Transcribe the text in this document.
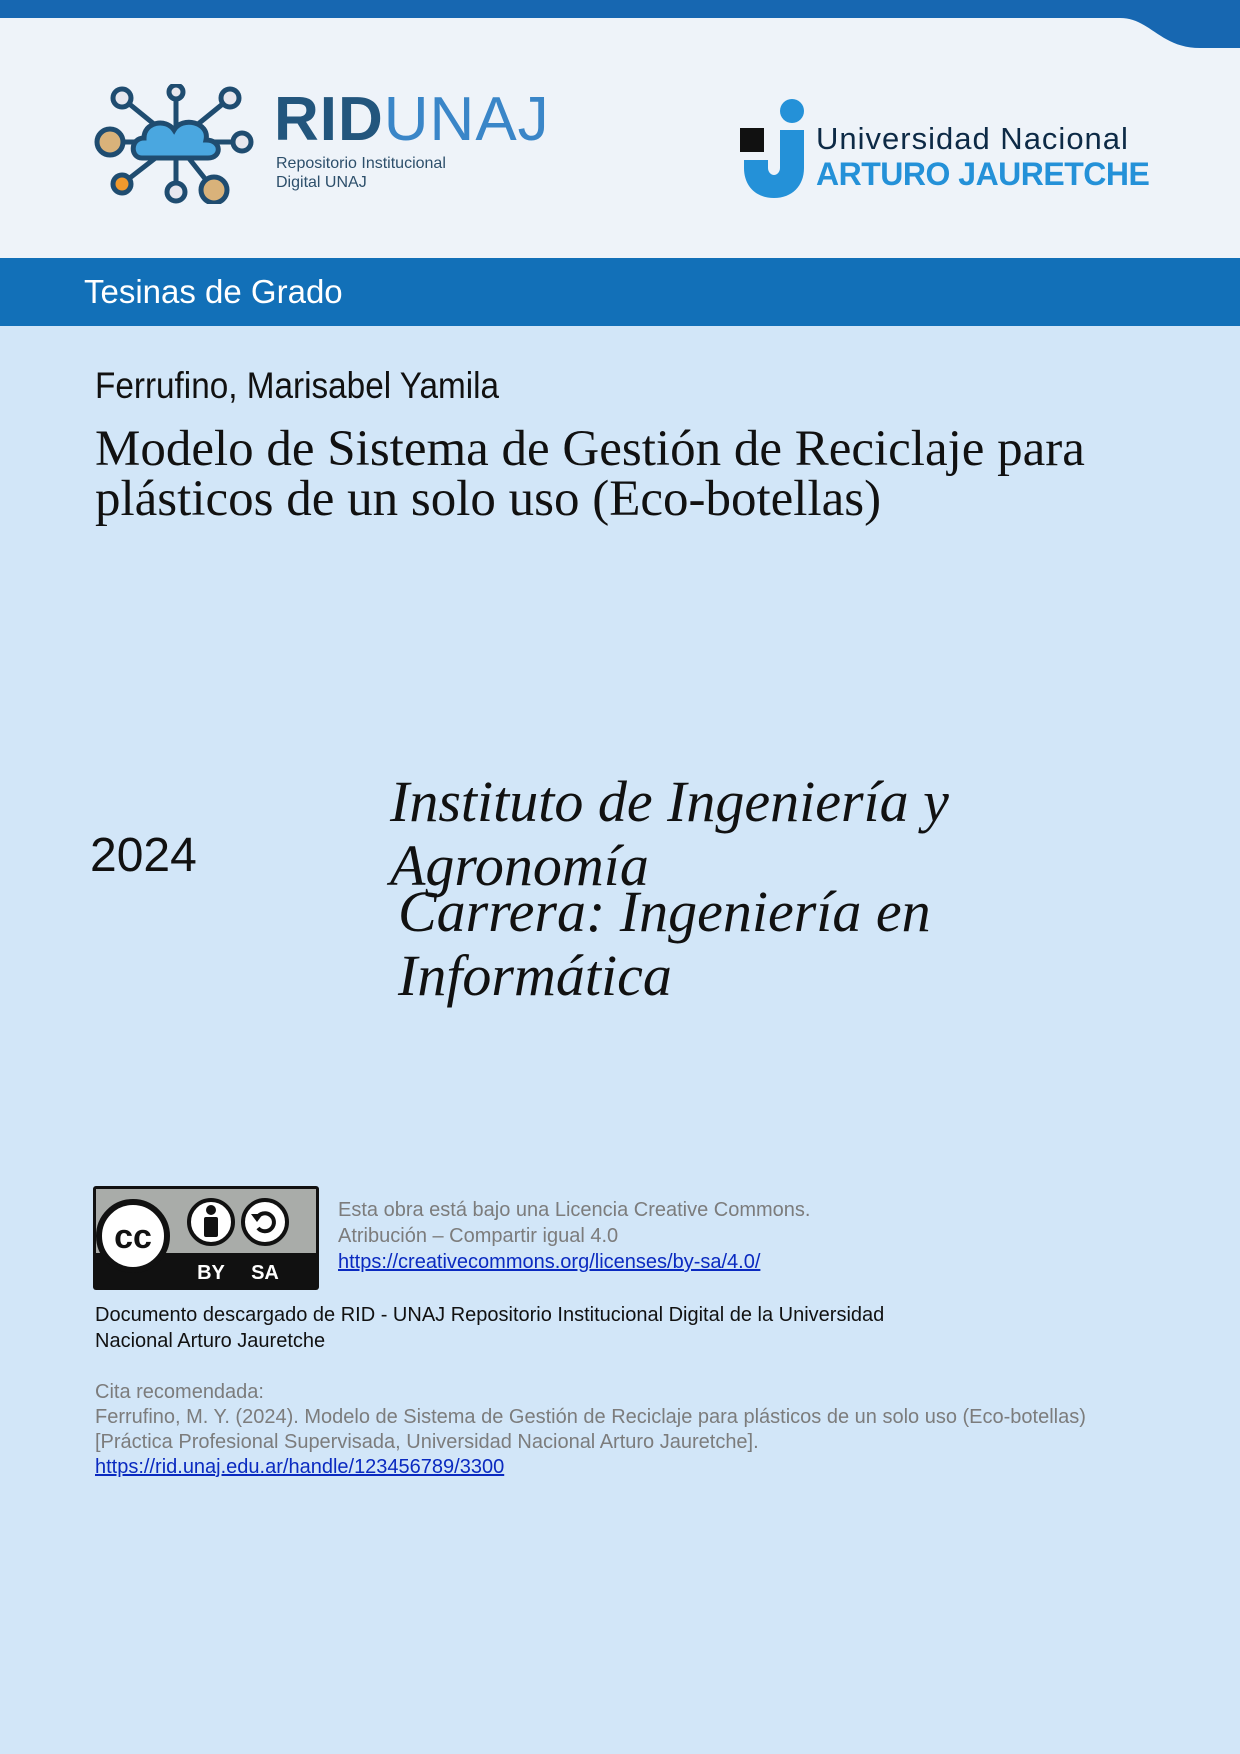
RIDUNAJ
Repositorio Institucional
Digital UNAJ
Universidad Nacional
ARTURO JAURETCHE
Tesinas de Grado
Ferrufino, Marisabel Yamila
Modelo de Sistema de Gestión de Reciclaje para
plásticos de un solo uso (Eco-botellas)
2024
Instituto de Ingeniería y Agronomía
Carrera: Ingeniería en Informática
cc
BY SA
Esta obra está bajo una Licencia Creative Commons.
Atribución – Compartir igual 4.0
https://creativecommons.org/licenses/by-sa/4.0/
Documento descargado de RID - UNAJ Repositorio Institucional Digital de la Universidad
Nacional Arturo Jauretche
Cita recomendada:
Ferrufino, M. Y. (2024). Modelo de Sistema de Gestión de Reciclaje para plásticos de un solo uso (Eco-botellas)
[Práctica Profesional Supervisada, Universidad Nacional Arturo Jauretche].
https://rid.unaj.edu.ar/handle/123456789/3300
